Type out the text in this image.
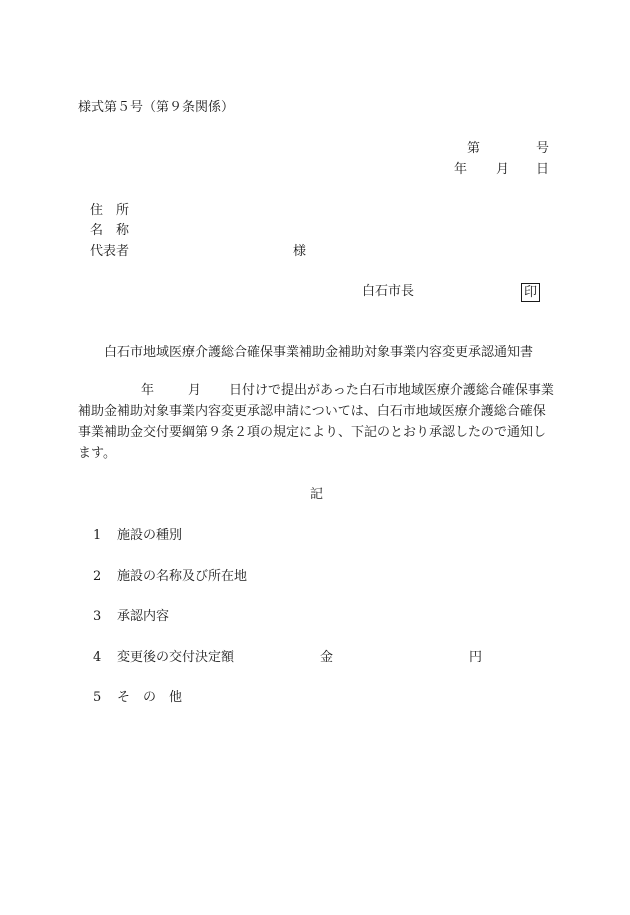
様式第５号（第９条関係）
第	号
年 月 日
住　所
名　称
代表者	様
白石市長	印
白石市地域医療介護総合確保事業補助金補助対象事業内容変更承認通知書
年	月 日付けで提出があった白石市地域医療介護総合確保事業補助金補助対象事業内容変更承認申請については、白石市地域医療介護総合確保事業補助金交付要綱第９条２項の規定により、下記のとおり承認したので通知します。
記
1 施設の種別
2 施設の名称及び所在地
3 承認内容
4 変更後の交付決定額	金	円
5 そ　の　他
